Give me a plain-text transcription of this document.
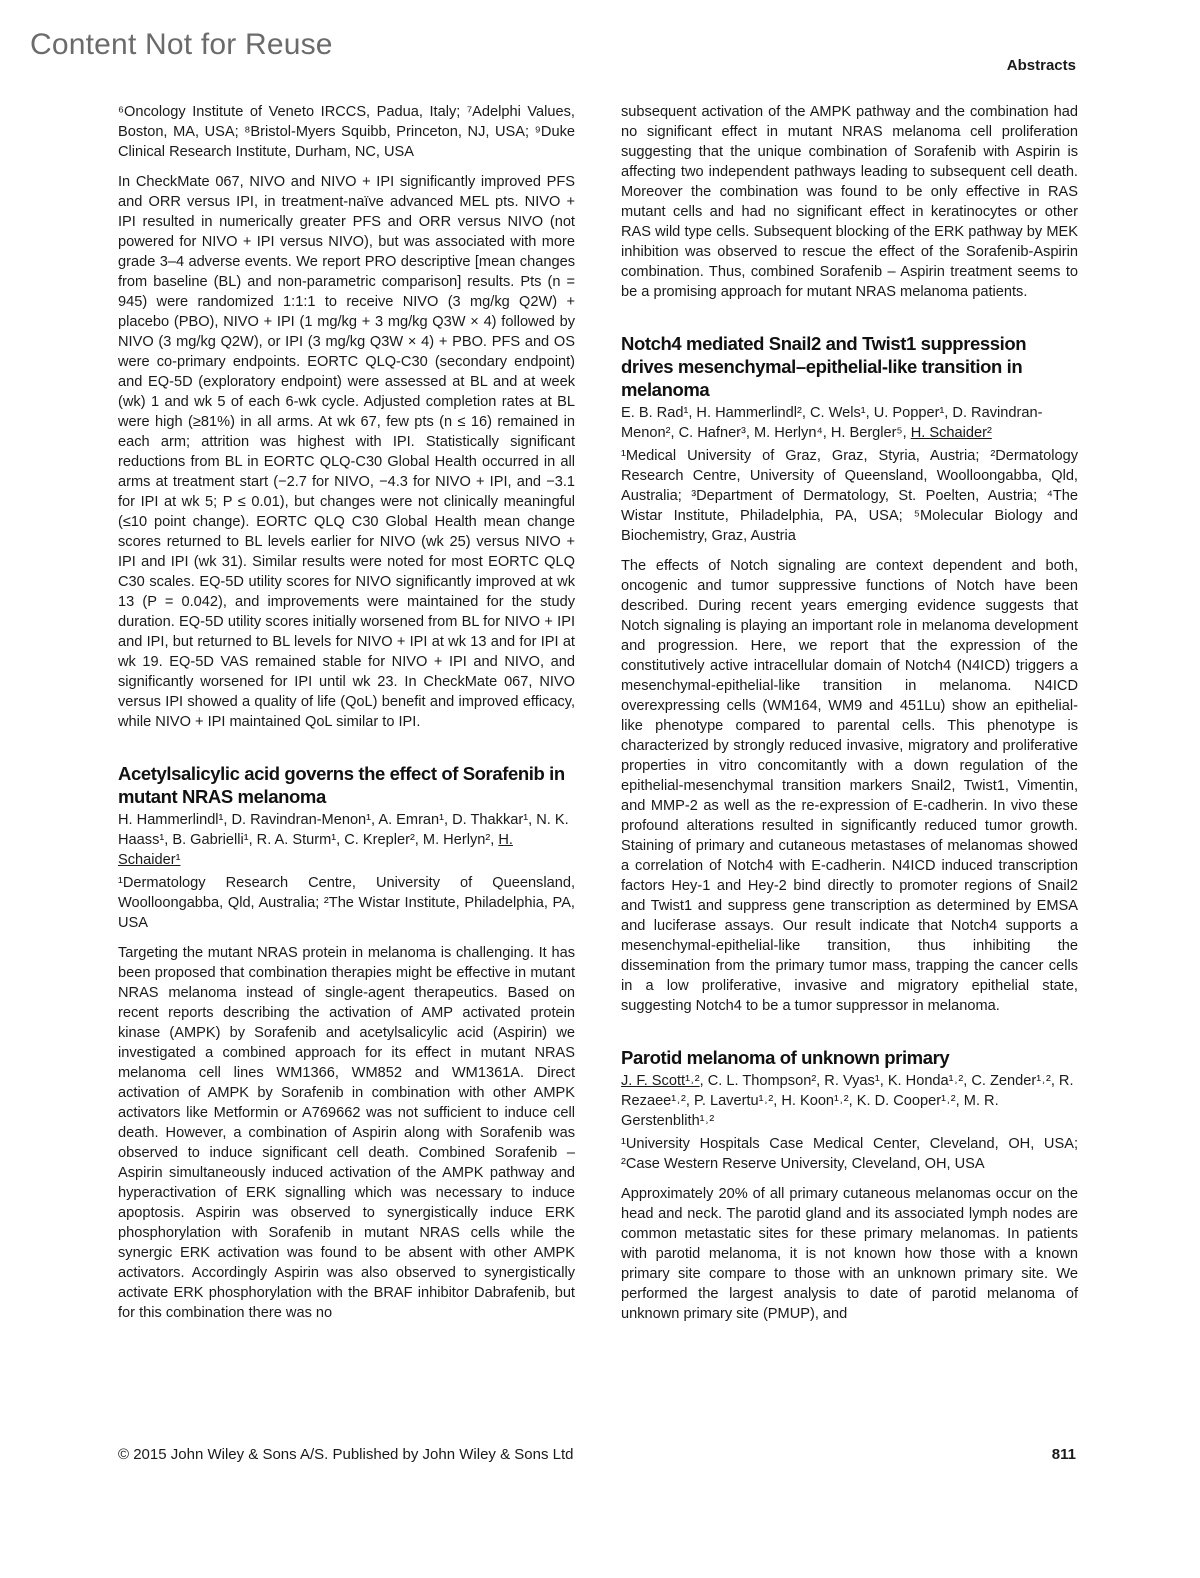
Content Not for Reuse
Abstracts

⁶Oncology Institute of Veneto IRCCS, Padua, Italy; ⁷Adelphi Values, Boston, MA, USA; ⁸Bristol-Myers Squibb, Princeton, NJ, USA; ⁹Duke Clinical Research Institute, Durham, NC, USA

In CheckMate 067, NIVO and NIVO + IPI significantly improved PFS and ORR versus IPI, in treatment-naïve advanced MEL pts. NIVO + IPI resulted in numerically greater PFS and ORR versus NIVO (not powered for NIVO + IPI versus NIVO), but was associated with more grade 3–4 adverse events. We report PRO descriptive [mean changes from baseline (BL) and non-parametric comparison] results. Pts (n = 945) were randomized 1:1:1 to receive NIVO (3 mg/kg Q2W) + placebo (PBO), NIVO + IPI (1 mg/kg + 3 mg/kg Q3W × 4) followed by NIVO (3 mg/kg Q2W), or IPI (3 mg/kg Q3W × 4) + PBO. PFS and OS were co-primary endpoints. EORTC QLQ-C30 (secondary endpoint) and EQ-5D (exploratory endpoint) were assessed at BL and at week (wk) 1 and wk 5 of each 6-wk cycle. Adjusted completion rates at BL were high (≥81%) in all arms. At wk 67, few pts (n ≤ 16) remained in each arm; attrition was highest with IPI. Statistically significant reductions from BL in EORTC QLQ-C30 Global Health occurred in all arms at treatment start (−2.7 for NIVO, −4.3 for NIVO + IPI, and −3.1 for IPI at wk 5; P ≤ 0.01), but changes were not clinically meaningful (≤10 point change). EORTC QLQ C30 Global Health mean change scores returned to BL levels earlier for NIVO (wk 25) versus NIVO + IPI and IPI (wk 31). Similar results were noted for most EORTC QLQ C30 scales. EQ-5D utility scores for NIVO significantly improved at wk 13 (P = 0.042), and improvements were maintained for the study duration. EQ-5D utility scores initially worsened from BL for NIVO + IPI and IPI, but returned to BL levels for NIVO + IPI at wk 13 and for IPI at wk 19. EQ-5D VAS remained stable for NIVO + IPI and NIVO, and significantly worsened for IPI until wk 23. In CheckMate 067, NIVO versus IPI showed a quality of life (QoL) benefit and improved efficacy, while NIVO + IPI maintained QoL similar to IPI.

Acetylsalicylic acid governs the effect of Sorafenib in mutant NRAS melanoma
H. Hammerlindl¹, D. Ravindran-Menon¹, A. Emran¹, D. Thakkar¹, N. K. Haass¹, B. Gabrielli¹, R. A. Sturm¹, C. Krepler², M. Herlyn², H. Schaider¹

¹Dermatology Research Centre, University of Queensland, Woolloongabba, Qld, Australia; ²The Wistar Institute, Philadelphia, PA, USA

Targeting the mutant NRAS protein in melanoma is challenging. It has been proposed that combination therapies might be effective in mutant NRAS melanoma instead of single-agent therapeutics. Based on recent reports describing the activation of AMP activated protein kinase (AMPK) by Sorafenib and acetylsalicylic acid (Aspirin) we investigated a combined approach for its effect in mutant NRAS melanoma cell lines WM1366, WM852 and WM1361A. Direct activation of AMPK by Sorafenib in combination with other AMPK activators like Metformin or A769662 was not sufficient to induce cell death. However, a combination of Aspirin along with Sorafenib was observed to induce significant cell death. Combined Sorafenib – Aspirin simultaneously induced activation of the AMPK pathway and hyperactivation of ERK signalling which was necessary to induce apoptosis. Aspirin was observed to synergistically induce ERK phosphorylation with Sorafenib in mutant NRAS cells while the synergic ERK activation was found to be absent with other AMPK activators. Accordingly Aspirin was also observed to synergistically activate ERK phosphorylation with the BRAF inhibitor Dabrafenib, but for this combination there was no

subsequent activation of the AMPK pathway and the combination had no significant effect in mutant NRAS melanoma cell proliferation suggesting that the unique combination of Sorafenib with Aspirin is affecting two independent pathways leading to subsequent cell death. Moreover the combination was found to be only effective in RAS mutant cells and had no significant effect in keratinocytes or other RAS wild type cells. Subsequent blocking of the ERK pathway by MEK inhibition was observed to rescue the effect of the Sorafenib-Aspirin combination. Thus, combined Sorafenib – Aspirin treatment seems to be a promising approach for mutant NRAS melanoma patients.

Notch4 mediated Snail2 and Twist1 suppression drives mesenchymal–epithelial-like transition in melanoma
E. B. Rad¹, H. Hammerlindl², C. Wels¹, U. Popper¹, D. Ravindran-Menon², C. Hafner³, M. Herlyn⁴, H. Bergler⁵, H. Schaider²

¹Medical University of Graz, Graz, Styria, Austria; ²Dermatology Research Centre, University of Queensland, Woolloongabba, Qld, Australia; ³Department of Dermatology, St. Poelten, Austria; ⁴The Wistar Institute, Philadelphia, PA, USA; ⁵Molecular Biology and Biochemistry, Graz, Austria

The effects of Notch signaling are context dependent and both, oncogenic and tumor suppressive functions of Notch have been described. During recent years emerging evidence suggests that Notch signaling is playing an important role in melanoma development and progression. Here, we report that the expression of the constitutively active intracellular domain of Notch4 (N4ICD) triggers a mesenchymal-epithelial-like transition in melanoma. N4ICD overexpressing cells (WM164, WM9 and 451Lu) show an epithelial-like phenotype compared to parental cells. This phenotype is characterized by strongly reduced invasive, migratory and proliferative properties in vitro concomitantly with a down regulation of the epithelial-mesenchymal transition markers Snail2, Twist1, Vimentin, and MMP-2 as well as the re-expression of E-cadherin. In vivo these profound alterations resulted in significantly reduced tumor growth. Staining of primary and cutaneous metastases of melanomas showed a correlation of Notch4 with E-cadherin. N4ICD induced transcription factors Hey-1 and Hey-2 bind directly to promoter regions of Snail2 and Twist1 and suppress gene transcription as determined by EMSA and luciferase assays. Our result indicate that Notch4 supports a mesenchymal-epithelial-like transition, thus inhibiting the dissemination from the primary tumor mass, trapping the cancer cells in a low proliferative, invasive and migratory epithelial state, suggesting Notch4 to be a tumor suppressor in melanoma.

Parotid melanoma of unknown primary
J. F. Scott¹˒², C. L. Thompson², R. Vyas¹, K. Honda¹˒², C. Zender¹˒², R. Rezaee¹˒², P. Lavertu¹˒², H. Koon¹˒², K. D. Cooper¹˒², M. R. Gerstenblith¹˒²

¹University Hospitals Case Medical Center, Cleveland, OH, USA; ²Case Western Reserve University, Cleveland, OH, USA

Approximately 20% of all primary cutaneous melanomas occur on the head and neck. The parotid gland and its associated lymph nodes are common metastatic sites for these primary melanomas. In patients with parotid melanoma, it is not known how those with a known primary site compare to those with an unknown primary site. We performed the largest analysis to date of parotid melanoma of unknown primary site (PMUP), and

© 2015 John Wiley & Sons A/S. Published by John Wiley & Sons Ltd	811
